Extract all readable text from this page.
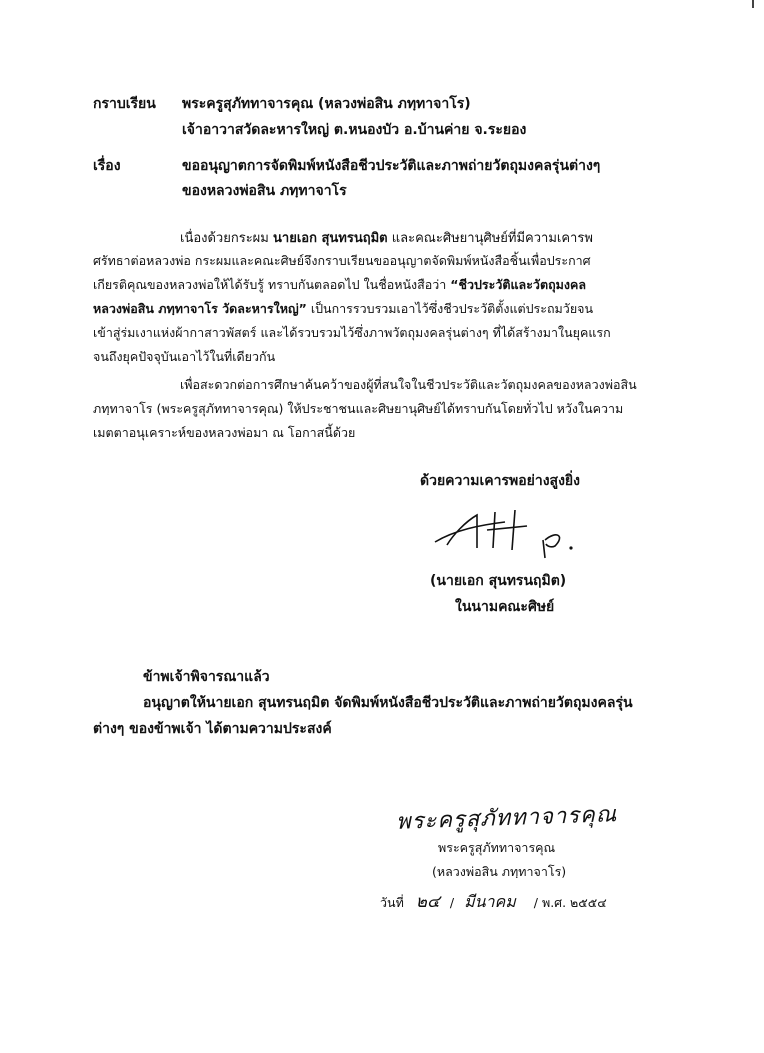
กราบเรียน พระครูสุภัททาจารคุณ (หลวงพ่อสิน ภทฺทาจาโร)
เจ้าอาวาสวัดละหารใหญ่ ต.หนองบัว อ.บ้านค่าย จ.ระยอง
เรื่อง	ขออนุญาตการจัดพิมพ์หนังสือชีวประวัติและภาพถ่ายวัตถุมงคลรุ่นต่างๆ
ของหลวงพ่อสิน ภทฺทาจาโร
เนื่องด้วยกระผม นายเอก สุนทรนฤมิต และคณะศิษยานุศิษย์ที่มีความเคารพ
ศรัทธาต่อหลวงพ่อ กระผมและคณะศิษย์จึงกราบเรียนขออนุญาตจัดพิมพ์หนังสือชิ้นเพื่อประกาศ
เกียรติคุณของหลวงพ่อให้ได้รับรู้ ทราบกันตลอดไป ในชื่อหนังสือว่า “ชีวประวัติและวัตถุมงคล
หลวงพ่อสิน ภทฺทาจาโร วัดละหารใหญ่” เป็นการรวบรวมเอาไว้ซึ่งชีวประวัติตั้งแต่ประถมวัยจน
เข้าสู่ร่มเงาแห่งผ้ากาสาวพัสตร์ และได้รวบรวมไว้ซึ่งภาพวัตถุมงคลรุ่นต่างๆ ที่ได้สร้างมาในยุคแรก
จนถึงยุคปัจจุบันเอาไว้ในที่เดียวกัน
เพื่อสะดวกต่อการศึกษาค้นคว้าของผู้ที่สนใจในชีวประวัติและวัตถุมงคลของหลวงพ่อสิน
ภทฺทาจาโร (พระครูสุภัททาจารคุณ) ให้ประชาชนและศิษยานุศิษย์ได้ทราบกันโดยทั่วไป หวังในความ
เมตตาอนุเคราะห์ของหลวงพ่อมา ณ โอกาสนี้ด้วย
ด้วยความเคารพอย่างสูงยิ่ง
(นายเอก สุนทรนฤมิต)
ในนามคณะศิษย์
ข้าพเจ้าพิจารณาแล้ว
อนุญาตให้นายเอก สุนทรนฤมิต จัดพิมพ์หนังสือชีวประวัติและภาพถ่ายวัตถุมงคลรุ่น
ต่างๆ ของข้าพเจ้า ได้ตามความประสงค์
พระครูสุภัททาจารคุณ
พระครูสุภัททาจารคุณ
(หลวงพ่อสิน ภทฺทาจาโร)
วันที่ ๒๔ / มีนาคม / พ.ศ. ๒๕๕๔
